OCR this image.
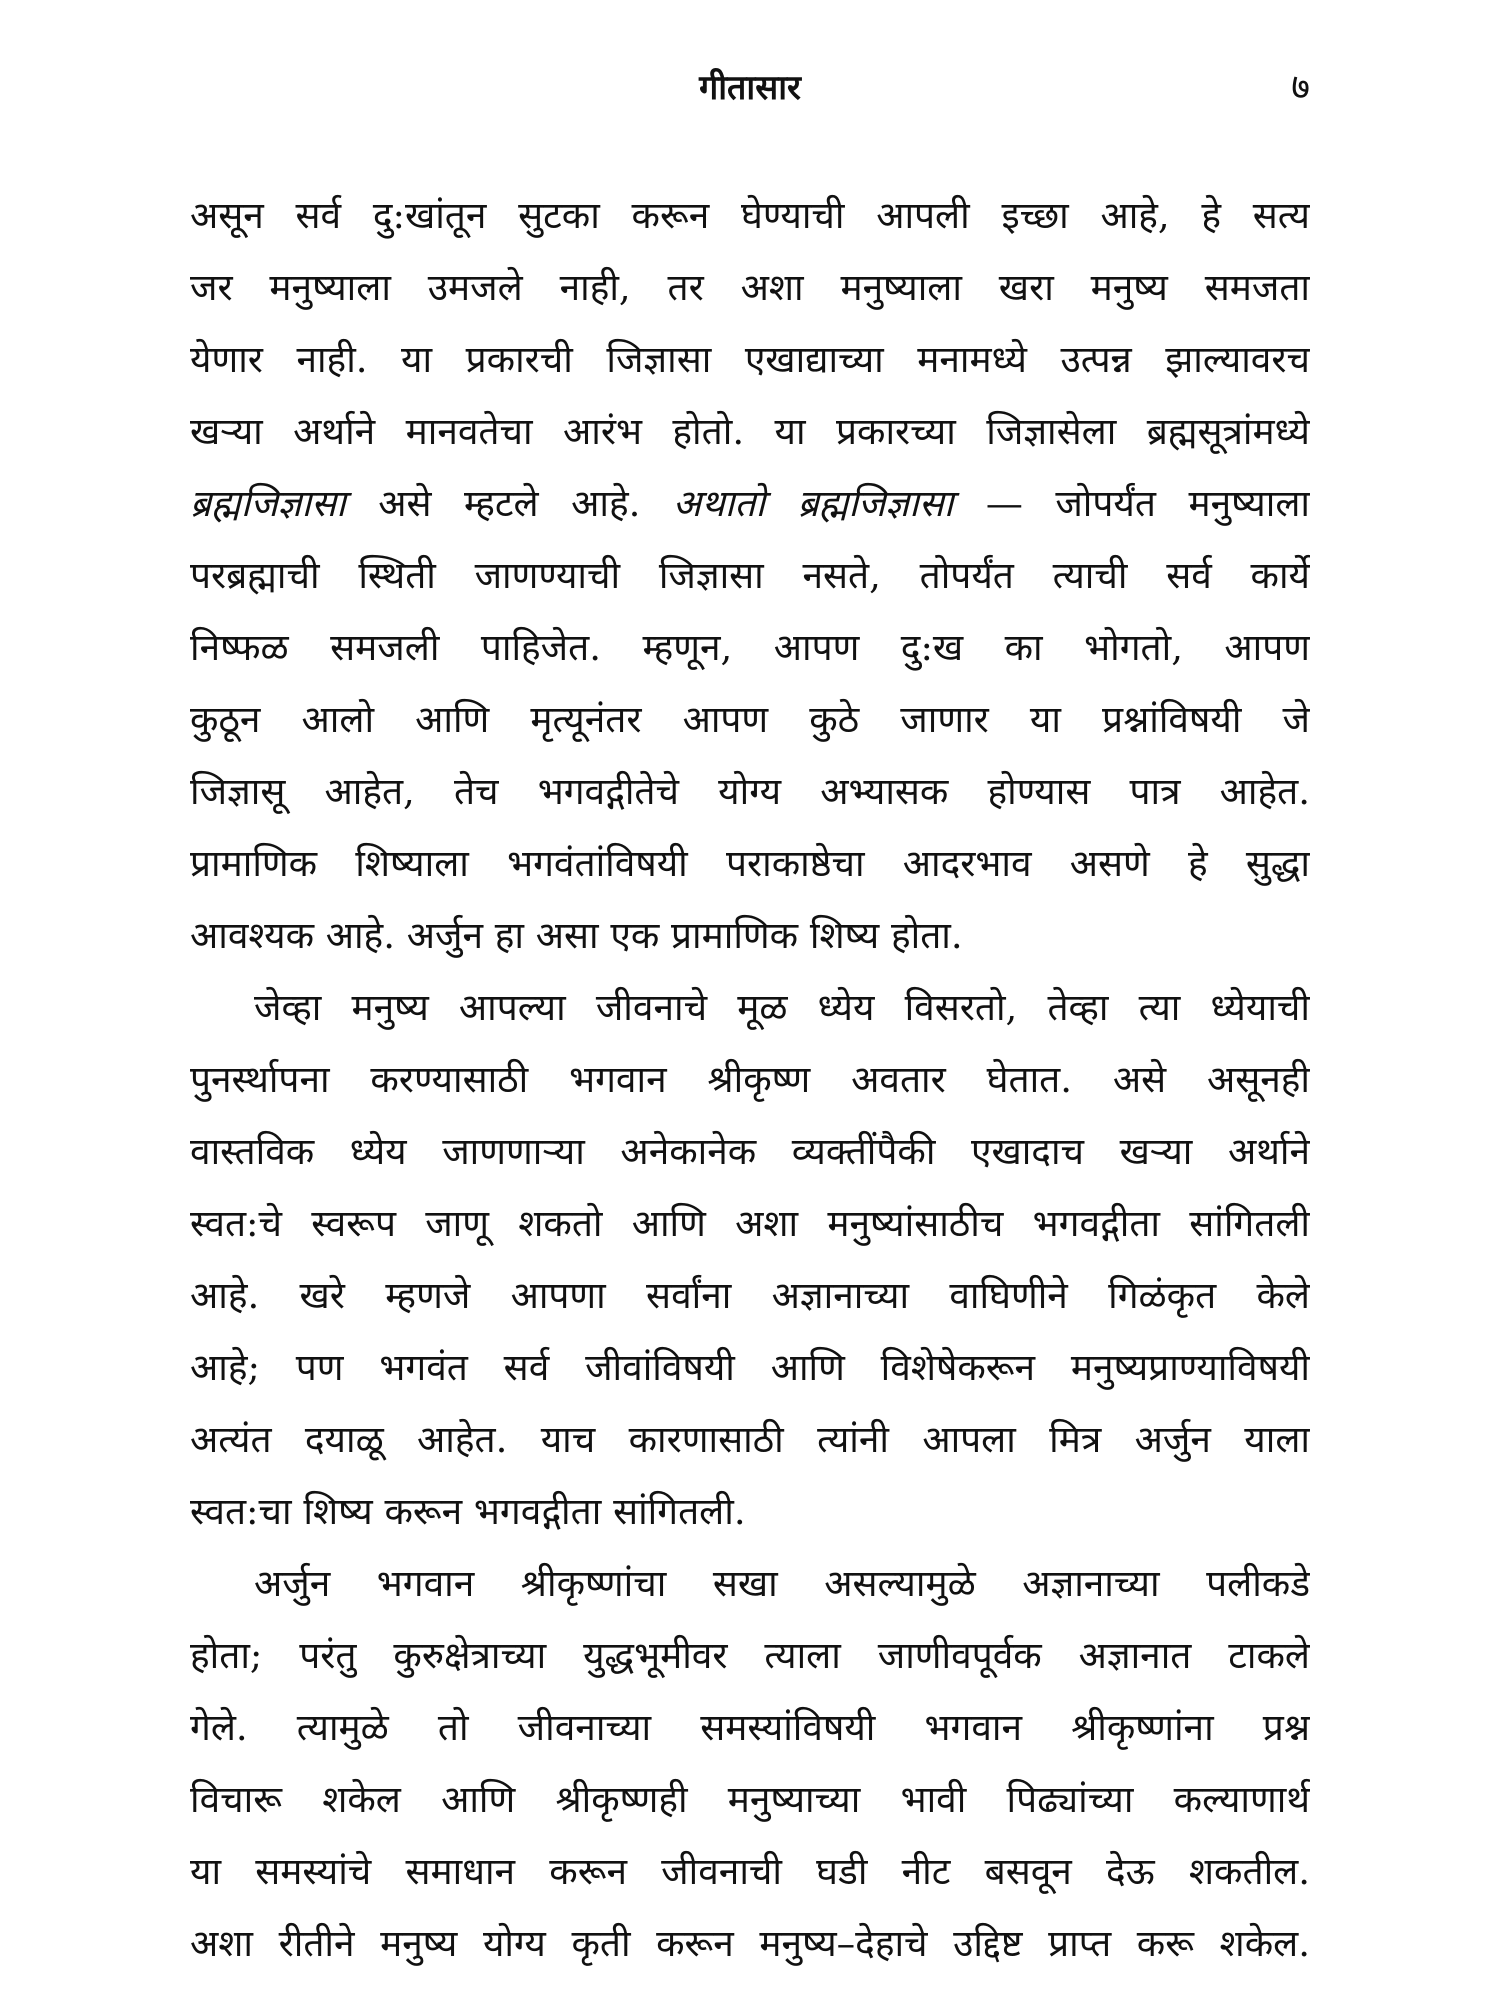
गीतासार	७
असून सर्व दु:खांतून सुटका करून घेण्याची आपली इच्छा आहे, हे सत्य
जर मनुष्याला उमजले नाही, तर अशा मनुष्याला खरा मनुष्य समजता
येणार नाही. या प्रकारची जिज्ञासा एखाद्याच्या मनामध्ये उत्पन्न झाल्यावरच
खऱ्या अर्थाने मानवतेचा आरंभ होतो. या प्रकारच्या जिज्ञासेला ब्रह्मसूत्रांमध्ये
ब्रह्मजिज्ञासा असे म्हटले आहे. अथातो ब्रह्मजिज्ञासा — जोपर्यंत मनुष्याला
परब्रह्माची स्थिती जाणण्याची जिज्ञासा नसते, तोपर्यंत त्याची सर्व कार्ये
निष्फळ समजली पाहिजेत. म्हणून, आपण दु:ख का भोगतो, आपण
कुठून आलो आणि मृत्यूनंतर आपण कुठे जाणार या प्रश्नांविषयी जे
जिज्ञासू आहेत, तेच भगवद्गीतेचे योग्य अभ्यासक होण्यास पात्र आहेत.
प्रामाणिक शिष्याला भगवंतांविषयी पराकाष्ठेचा आदरभाव असणे हे सुद्धा
आवश्यक आहे. अर्जुन हा असा एक प्रामाणिक शिष्य होता.
जेव्हा मनुष्य आपल्या जीवनाचे मूळ ध्येय विसरतो, तेव्हा त्या ध्येयाची
पुनर्स्थापना करण्यासाठी भगवान श्रीकृष्ण अवतार घेतात. असे असूनही
वास्तविक ध्येय जाणणाऱ्या अनेकानेक व्यक्तींपैकी एखादाच खऱ्या अर्थाने
स्वत:चे स्वरूप जाणू शकतो आणि अशा मनुष्यांसाठीच भगवद्गीता सांगितली
आहे. खरे म्हणजे आपणा सर्वांना अज्ञानाच्या वाघिणीने गिळंकृत केले
आहे; पण भगवंत सर्व जीवांविषयी आणि विशेषेकरून मनुष्यप्राण्याविषयी
अत्यंत दयाळू आहेत. याच कारणासाठी त्यांनी आपला मित्र अर्जुन याला
स्वत:चा शिष्य करून भगवद्गीता सांगितली.
अर्जुन भगवान श्रीकृष्णांचा सखा असल्यामुळे अज्ञानाच्या पलीकडे
होता; परंतु कुरुक्षेत्राच्या युद्धभूमीवर त्याला जाणीवपूर्वक अज्ञानात टाकले
गेले. त्यामुळे तो जीवनाच्या समस्यांविषयी भगवान श्रीकृष्णांना प्रश्न
विचारू शकेल आणि श्रीकृष्णही मनुष्याच्या भावी पिढ्यांच्या कल्याणार्थ
या समस्यांचे समाधान करून जीवनाची घडी नीट बसवून देऊ शकतील.
अशा रीतीने मनुष्य योग्य कृती करून मनुष्य–देहाचे उद्दिष्ट प्राप्त करू शकेल.
